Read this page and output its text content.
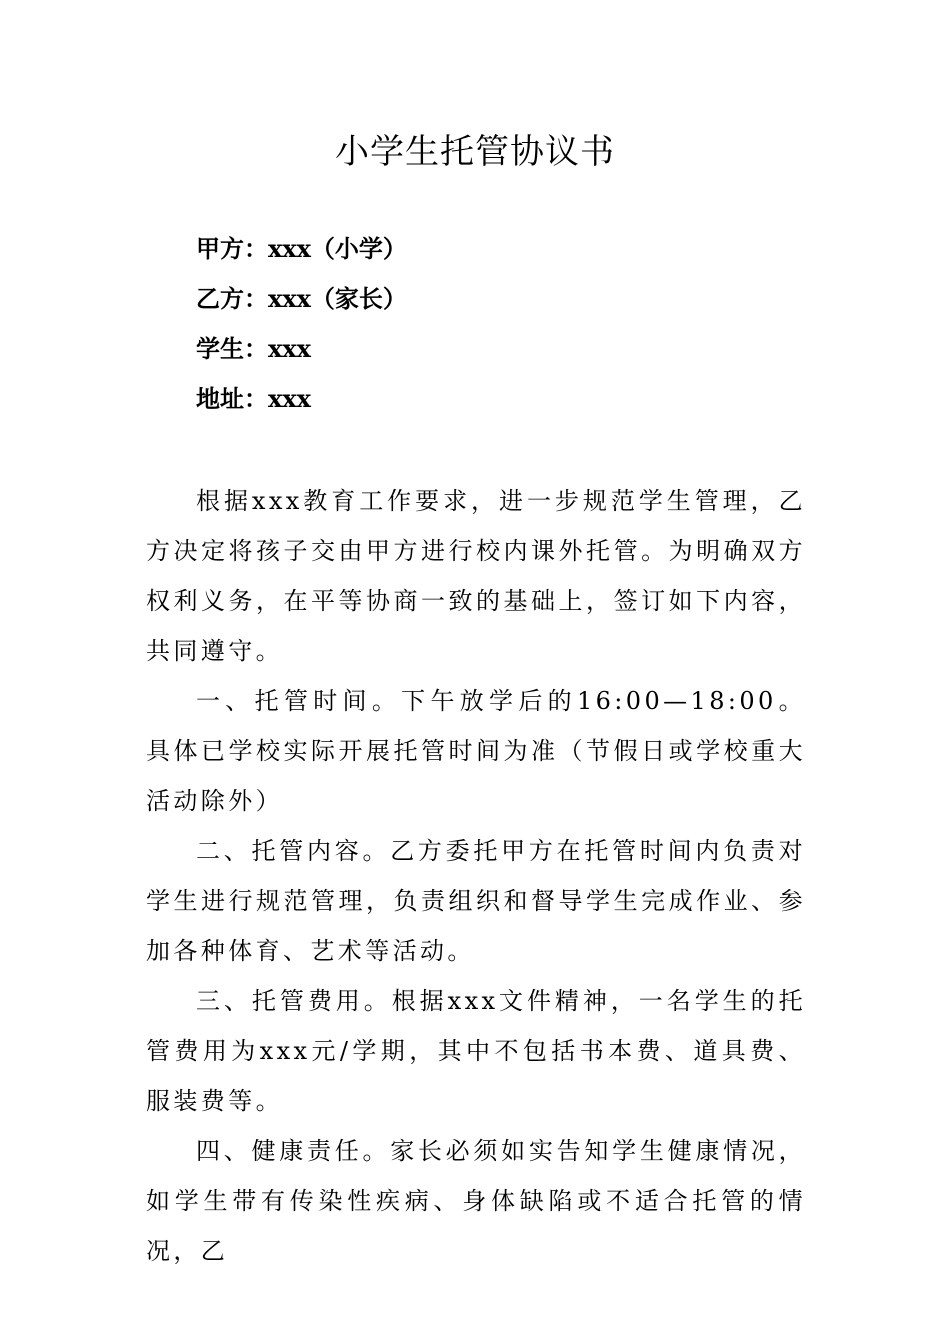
小学生托管协议书
甲方：xxx（小学）
乙方：xxx（家长）
学生：xxx
地址：xxx

根据xxx教育工作要求，进一步规范学生管理，乙方决定将孩子交由甲方进行校内课外托管。为明确双方权利义务，在平等协商一致的基础上，签订如下内容，共同遵守。

一、托管时间。下午放学后的16:00—18:00。具体已学校实际开展托管时间为准（节假日或学校重大活动除外）

二、托管内容。乙方委托甲方在托管时间内负责对学生进行规范管理，负责组织和督导学生完成作业、参加各种体育、艺术等活动。

三、托管费用。根据xxx文件精神，一名学生的托管费用为xxx元/学期，其中不包括书本费、道具费、服装费等。

四、健康责任。家长必须如实告知学生健康情况，如学生带有传染性疾病、身体缺陷或不适合托管的情况，乙
